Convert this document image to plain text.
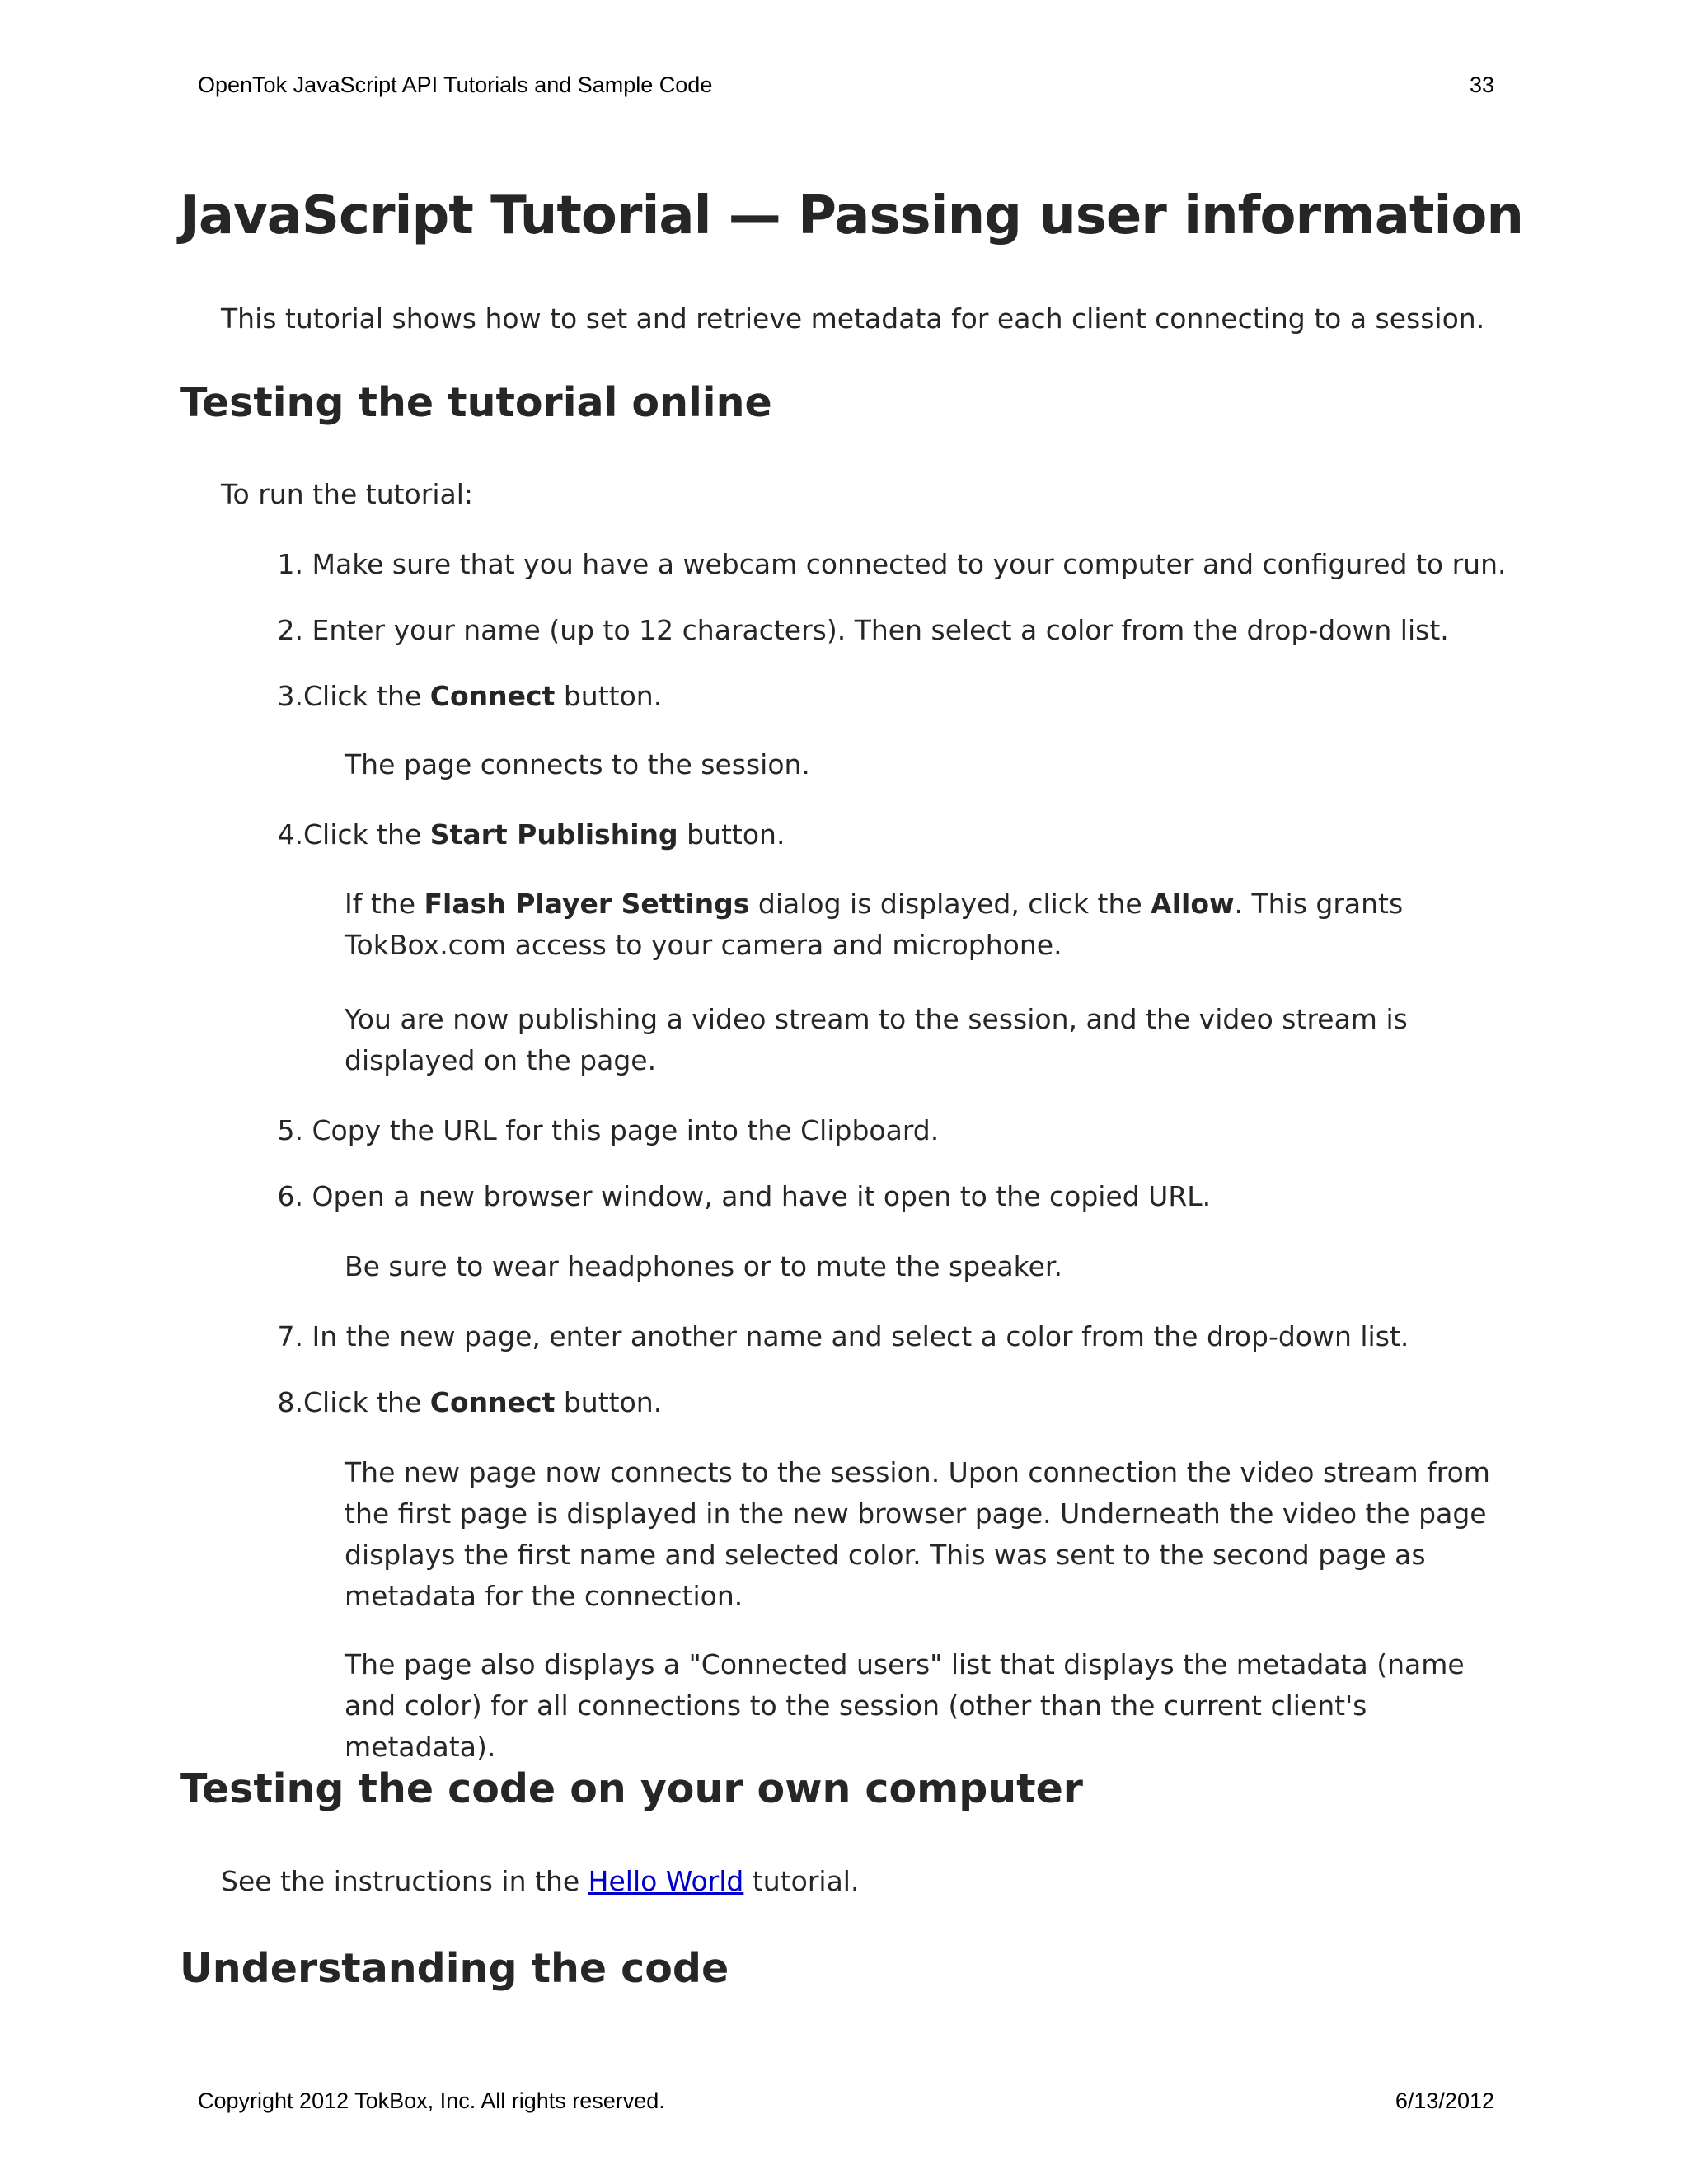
OpenTok JavaScript API Tutorials and Sample Code	33
JavaScript Tutorial — Passing user information

This tutorial shows how to set and retrieve metadata for each client connecting to a session.

Testing the tutorial online

To run the tutorial:

1. Make sure that you have a webcam connected to your computer and configured to run.
2. Enter your name (up to 12 characters). Then select a color from the drop-down list.
3.Click the Connect button.

The page connects to the session.

4.Click the Start Publishing button.

If the Flash Player Settings dialog is displayed, click the Allow. This grants TokBox.com access to your camera and microphone.

You are now publishing a video stream to the session, and the video stream is displayed on the page.

5. Copy the URL for this page into the Clipboard.
6. Open a new browser window, and have it open to the copied URL.

Be sure to wear headphones or to mute the speaker.

7. In the new page, enter another name and select a color from the drop-down list.
8.Click the Connect button.

The new page now connects to the session. Upon connection the video stream from the first page is displayed in the new browser page. Underneath the video the page displays the first name and selected color. This was sent to the second page as metadata for the connection.

The page also displays a "Connected users" list that displays the metadata (name and color) for all connections to the session (other than the current client's metadata).

Testing the code on your own computer

See the instructions in the Hello World tutorial.

Understanding the code
Copyright 2012 TokBox, Inc. All rights reserved.	6/13/2012
